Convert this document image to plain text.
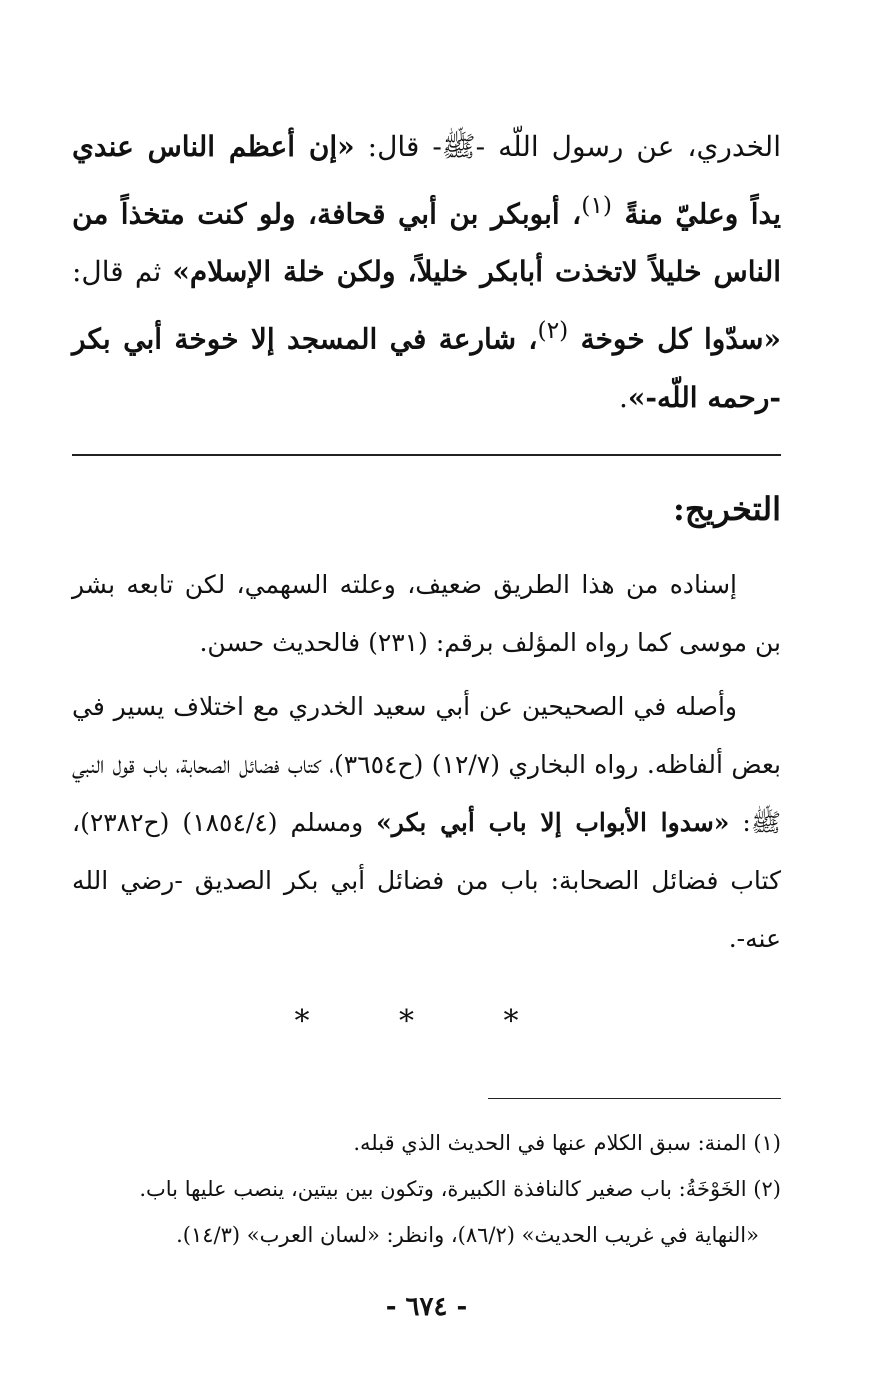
الخدري، عن رسول اللّه -ﷺ- قال: «إن أعظم الناس عندي يداً وعليّ منةً $^{(١)}$، أبوبكر بن أبي قحافة، ولو كنت متخذاً من الناس خليلاً لاتخذت أبابكر خليلاً، ولكن خلة الإسلام» ثم قال: «سدّوا كل خوخة $^{(٢)}$، شارعة في المسجد إلا خوخة أبي بكر -رحمه اللّه-».

التخريج:

إسناده من هذا الطريق ضعيف، وعلته السهمي، لكن تابعه بشر بن موسى كما رواه المؤلف برقم: (٢٣١) فالحديث حسن.

وأصله في الصحيحين عن أبي سعيد الخدري مع اختلاف يسير في بعض ألفاظه. رواه البخاري (١٢/٧) (ح٣٦٥٤)، كتاب فضائل الصحابة، باب قول النبي ﷺ: «سدوا الأبواب إلا باب أبي بكر» ومسلم (١٨٥٤/٤) (ح٢٣٨٢)، كتاب فضائل الصحابة: باب من فضائل أبي بكر الصديق -رضي الله عنه-.

* * *

(١) المنة: سبق الكلام عنها في الحديث الذي قبله.

(٢) الخَوْخَةُ: باب صغير كالنافذة الكبيرة، وتكون بين بيتين، ينصب عليها باب.

«النهاية في غريب الحديث» (٨٦/٢)، وانظر: «لسان العرب» (١٤/٣).

- ٦٧٤ -
